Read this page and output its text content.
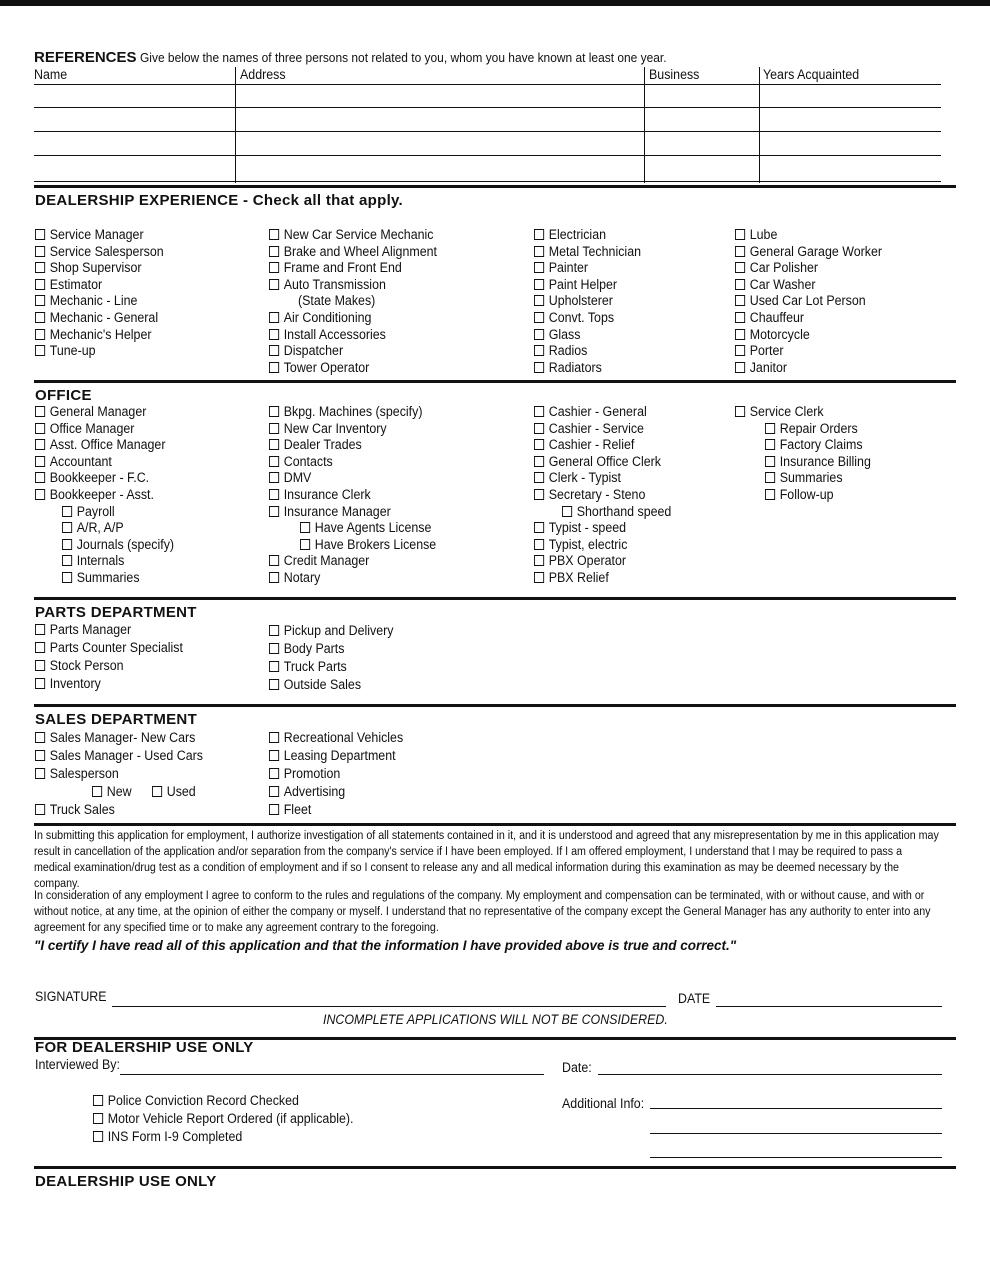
REFERENCES Give below the names of three persons not related to you, whom you have known at least one year.
Name	Address	Business	Years Acquainted
DEALERSHIP EXPERIENCE - Check all that apply.
Service Manager
Service Salesperson
Shop Supervisor
Estimator
Mechanic - Line
Mechanic - General
Mechanic's Helper
Tune-up
New Car Service Mechanic
Brake and Wheel Alignment
Frame and Front End
Auto Transmission
(State Makes)
Air Conditioning
Install Accessories
Dispatcher
Tower Operator
Electrician
Metal Technician
Painter
Paint Helper
Upholsterer
Convt. Tops
Glass
Radios
Radiators
Lube
General Garage Worker
Car Polisher
Car Washer
Used Car Lot Person
Chauffeur
Motorcycle
Porter
Janitor
OFFICE
General Manager
Office Manager
Asst. Office Manager
Accountant
Bookkeeper - F.C.
Bookkeeper - Asst.
Payroll
A/R, A/P
Journals (specify)
Internals
Summaries
Bkpg. Machines (specify)
New Car Inventory
Dealer Trades
Contacts
DMV
Insurance Clerk
Insurance Manager
Have Agents License
Have Brokers License
Credit Manager
Notary
Cashier - General
Cashier - Service
Cashier - Relief
General Office Clerk
Clerk - Typist
Secretary - Steno
Shorthand speed
Typist - speed
Typist, electric
PBX Operator
PBX Relief
Service Clerk
Repair Orders
Factory Claims
Insurance Billing
Summaries
Follow-up
PARTS DEPARTMENT
Parts Manager
Parts Counter Specialist
Stock Person
Inventory
Pickup and Delivery
Body Parts
Truck Parts
Outside Sales
SALES DEPARTMENT
Sales Manager- New Cars
Sales Manager - Used Cars
Salesperson
New	Used
Truck Sales
Recreational Vehicles
Leasing Department
Promotion
Advertising
Fleet
In submitting this application for employment, I authorize investigation of all statements contained in it, and it is understood and agreed that any misrepresentation by me in this application may result in cancellation of the application and/or separation from the company's service if I have been employed. If I am offered employment, I understand that I may be required to pass a medical examination/drug test as a condition of employment and if so I consent to release any and all medical information during this examination as may be deemed necessary by the company.
In consideration of any employment I agree to conform to the rules and regulations of the company. My employment and compensation can be terminated, with or without cause, and with or without notice, at any time, at the opinion of either the company or myself. I understand that no representative of the company except the General Manager has any authority to enter into any agreement for any specified time or to make any agreement contrary to the foregoing.
"I certify I have read all of this application and that the information I have provided above is true and correct."
SIGNATURE	DATE
INCOMPLETE APPLICATIONS WILL NOT BE CONSIDERED.
FOR DEALERSHIP USE ONLY
Interviewed By:	Date:
Police Conviction Record Checked
Motor Vehicle Report Ordered (if applicable).
INS Form I-9 Completed
Additional Info:
DEALERSHIP USE ONLY
